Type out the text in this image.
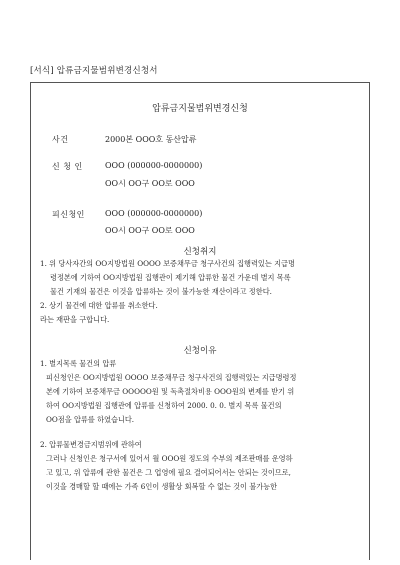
[서식] 압류금지물범위변경신청서
압류금지물범위변경신청
사건	2000본 OOO호 동산압류
신 청 인	OOO (000000-0000000)
OO시 OO구 OO로 OOO
피신청인	OOO (000000-0000000)
OO시 OO구 OO로 OOO
신청취지
1. 위 당사자간의 OO지방법원 OOOO 보증채무금 청구사건의 집행력있는 지급명
령정본에 기하여 OO지방법원 집행관이 제기해 압류한 물건 가운데 별지 목록
물건 기재의 물건은 이것을 압류하는 것이 불가능한 재산이라고 정한다.
2. 상기 물건에 대한 압류를 취소한다.
라는 재판을 구합니다.
신청이유
1. 별지목록 물건의 압류
피신청인은 OO지방법원 OOOO 보증채무금 청구사건의 집행력있는 지급명령정
본에 기하여 보증채무금 OOOOO원 및 독촉절차비용 OOO원의 변제를 받기 위
하여 OO지방법원 집행관에 압류를 신청하여 2000. 0. 0. 별지 목록 물건의
OO점을 압류를 하였습니다.
2. 압류물변경금지범위에 관하여
그러나 신청인은 청구서에 있어서 월 OOO원 정도의 수부의 제조판매를 운영하
고 있고, 위 압류에 관한 물건은 그 업영에 필요 결여되어서는 안되는 것이므로,
이것을 경매할 할 때에는 가족 6인이 생활상 회복할 수 없는 것이 불가능한
